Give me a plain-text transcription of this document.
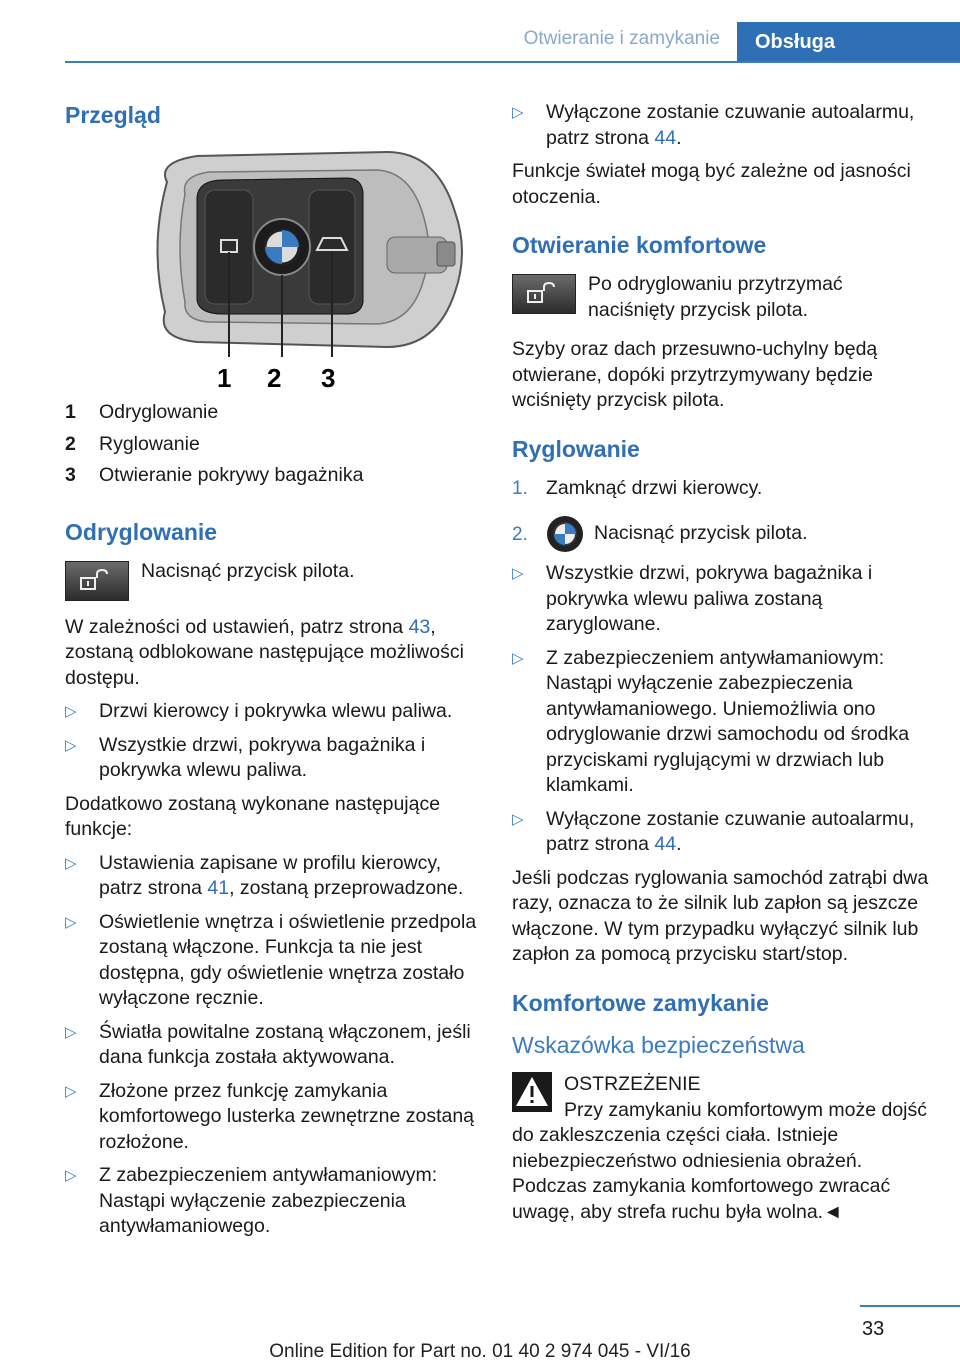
Otwieranie i zamykanie	Obsługa
Przegląd
1 2 3
1	Odryglowanie
2	Ryglowanie
3	Otwieranie pokrywy bagażnika
Odryglowanie
Nacisnąć przycisk pilota.

W zależności od ustawień, patrz strona 43, zostaną odblokowane następujące możliwości dostępu.

▷	Drzwi kierowcy i pokrywka wlewu paliwa.
▷	Wszystkie drzwi, pokrywa bagażnika i pokrywka wlewu paliwa.

Dodatkowo zostaną wykonane następujące funkcje:

▷	Ustawienia zapisane w profilu kierowcy, patrz strona 41, zostaną przeprowadzone.
▷	Oświetlenie wnętrza i oświetlenie przedpola zostaną włączone. Funkcja ta nie jest dostępna, gdy oświetlenie wnętrza zostało wyłączone ręcznie.
▷	Światła powitalne zostaną włączonem, jeśli dana funkcja została aktywowana.
▷	Złożone przez funkcję zamykania komfortowego lusterka zewnętrzne zostaną rozłożone.
▷	Z zabezpieczeniem antywłamaniowym: Nastąpi wyłączenie zabezpieczenia antywłamaniowego.
▷	Wyłączone zostanie czuwanie autoalarmu, patrz strona 44.

Funkcje świateł mogą być zależne od jasności otoczenia.

Otwieranie komfortowe
Po odryglowaniu przytrzymać naciśnięty przycisk pilota.

Szyby oraz dach przesuwno-uchylny będą otwierane, dopóki przytrzymywany będzie wciśnięty przycisk pilota.

Ryglowanie
1. Zamknąć drzwi kierowcy.
2.	Nacisnąć przycisk pilota.
▷	Wszystkie drzwi, pokrywa bagażnika i pokrywka wlewu paliwa zostaną zaryglowane.
▷	Z zabezpieczeniem antywłamaniowym: Nastąpi wyłączenie zabezpieczenia antywłamaniowego. Uniemożliwia ono odryglowanie drzwi samochodu od środka przyciskami ryglującymi w drzwiach lub klamkami.
▷	Wyłączone zostanie czuwanie autoalarmu, patrz strona 44.

Jeśli podczas ryglowania samochód zatrąbi dwa razy, oznacza to że silnik lub zapłon są jeszcze włączone. W tym przypadku wyłączyć silnik lub zapłon za pomocą przycisku start/stop.

Komfortowe zamykanie
Wskazówka bezpieczeństwa
OSTRZEŻENIE

Przy zamykaniu komfortowym może dojść do zakleszczenia części ciała. Istnieje niebezpieczeństwo odniesienia obrażeń. Podczas zamykania komfortowego zwracać uwagę, aby strefa ruchu była wolna.◄

33
Online Edition for Part no. 01 40 2 974 045 - VI/16
